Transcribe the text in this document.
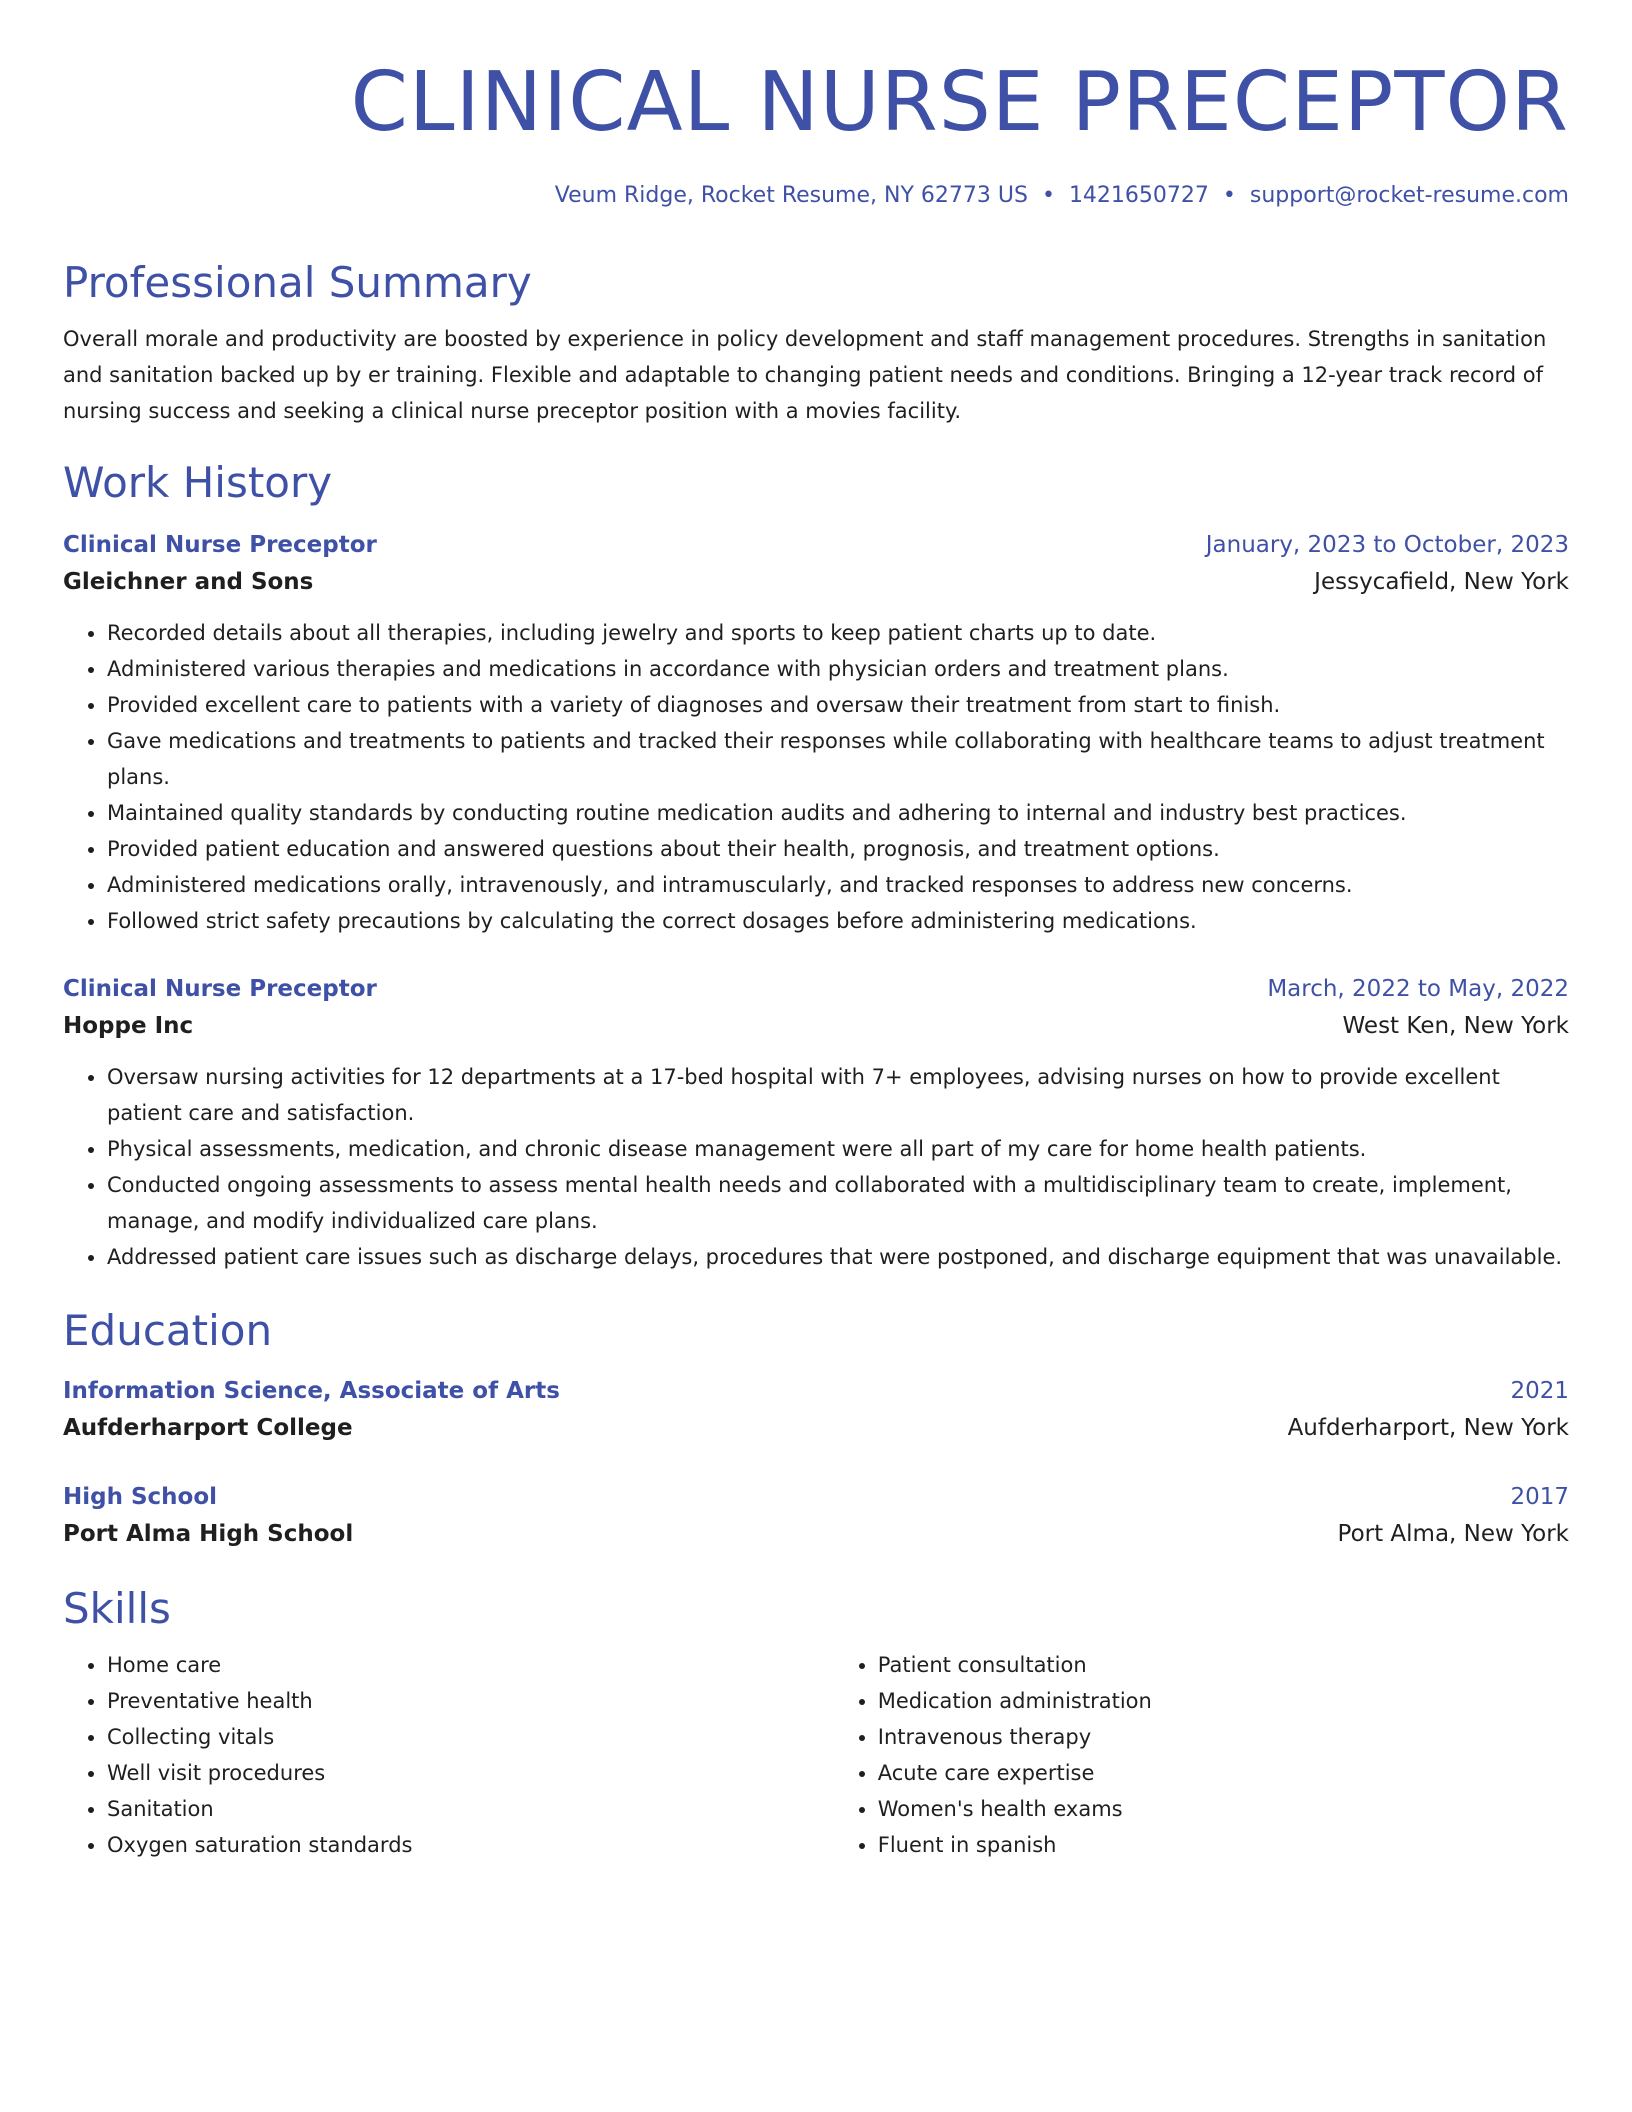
CLINICAL NURSE PRECEPTOR
Veum Ridge, Rocket Resume, NY 62773 US • 1421650727 • support@rocket-resume.com
Professional Summary

Overall morale and productivity are boosted by experience in policy development and staff management procedures. Strengths in sanitation and sanitation backed up by er training. Flexible and adaptable to changing patient needs and conditions. Bringing a 12-year track record of nursing success and seeking a clinical nurse preceptor position with a movies facility.

Work History
Clinical Nurse Preceptor	January, 2023 to October, 2023
Gleichner and Sons	Jessycafield, New York
• Recorded details about all therapies, including jewelry and sports to keep patient charts up to date.
• Administered various therapies and medications in accordance with physician orders and treatment plans.
• Provided excellent care to patients with a variety of diagnoses and oversaw their treatment from start to finish.
• Gave medications and treatments to patients and tracked their responses while collaborating with healthcare teams to adjust treatment plans.
• Maintained quality standards by conducting routine medication audits and adhering to internal and industry best practices.
• Provided patient education and answered questions about their health, prognosis, and treatment options.
• Administered medications orally, intravenously, and intramuscularly, and tracked responses to address new concerns.
• Followed strict safety precautions by calculating the correct dosages before administering medications.
Clinical Nurse Preceptor	March, 2022 to May, 2022
Hoppe Inc	West Ken, New York
• Oversaw nursing activities for 12 departments at a 17-bed hospital with 7+ employees, advising nurses on how to provide excellent patient care and satisfaction.
• Physical assessments, medication, and chronic disease management were all part of my care for home health patients.
• Conducted ongoing assessments to assess mental health needs and collaborated with a multidisciplinary team to create, implement, manage, and modify individualized care plans.
• Addressed patient care issues such as discharge delays, procedures that were postponed, and discharge equipment that was unavailable.
Education
Information Science, Associate of Arts	2021
Aufderharport College	Aufderharport, New York
High School	2017
Port Alma High School	Port Alma, New York
Skills
• Home care
• Preventative health
• Collecting vitals
• Well visit procedures
• Sanitation
• Oxygen saturation standards
• Patient consultation
• Medication administration
• Intravenous therapy
• Acute care expertise
• Women's health exams
• Fluent in spanish
